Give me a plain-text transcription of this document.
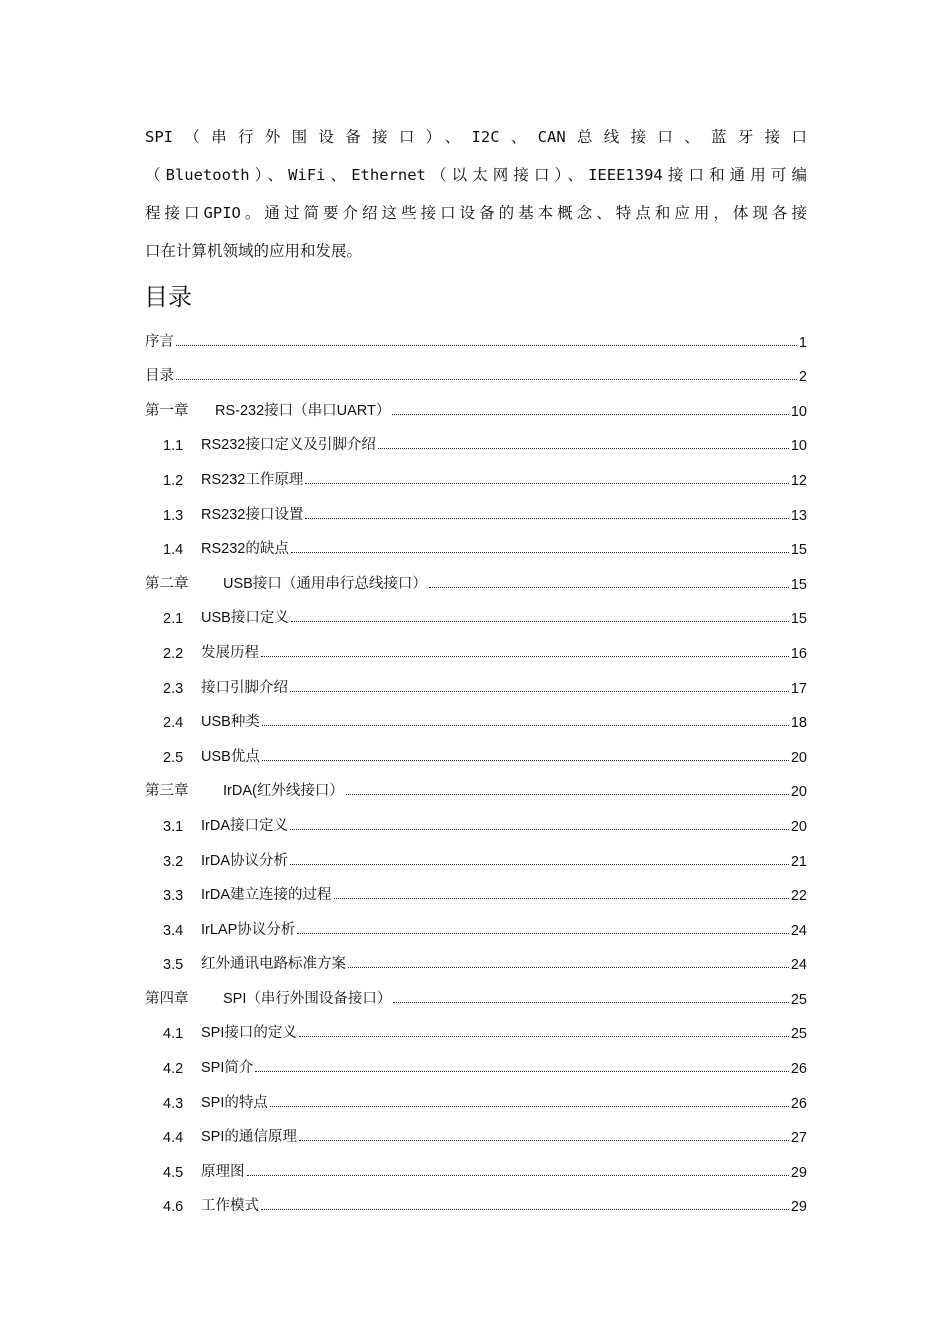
SPI（串行外围设备接口）、I2C、CAN总线接口、蓝牙接口
（Bluetooth）、WiFi、Ethernet（以太网接口）、IEEE1394接口和通用可编
程接口GPIO。通过简要介绍这些接口设备的基本概念、特点和应用，体现各接
口在计算机领域的应用和发展。
目录
序言	1
目录	2
第一章	RS-232接口（串口UART）	10
1.1	RS232接口定义及引脚介绍	10
1.2	RS232工作原理	12
1.3	RS232接口设置	13
1.4	RS232的缺点	15
第二章	USB接口（通用串行总线接口）	15
2.1	USB接口定义	15
2.2	发展历程	16
2.3	接口引脚介绍	17
2.4	USB种类	18
2.5	USB优点	20
第三章	IrDA(红外线接口）	20
3.1	IrDA接口定义	20
3.2	IrDA协议分析	21
3.3	IrDA建立连接的过程	22
3.4	IrLAP协议分析	24
3.5	红外通讯电路标准方案	24
第四章	SPI（串行外围设备接口）	25
4.1	SPI接口的定义	25
4.2	SPI简介	26
4.3	SPI的特点	26
4.4	SPI的通信原理	27
4.5	原理图	29
4.6	工作模式	29
